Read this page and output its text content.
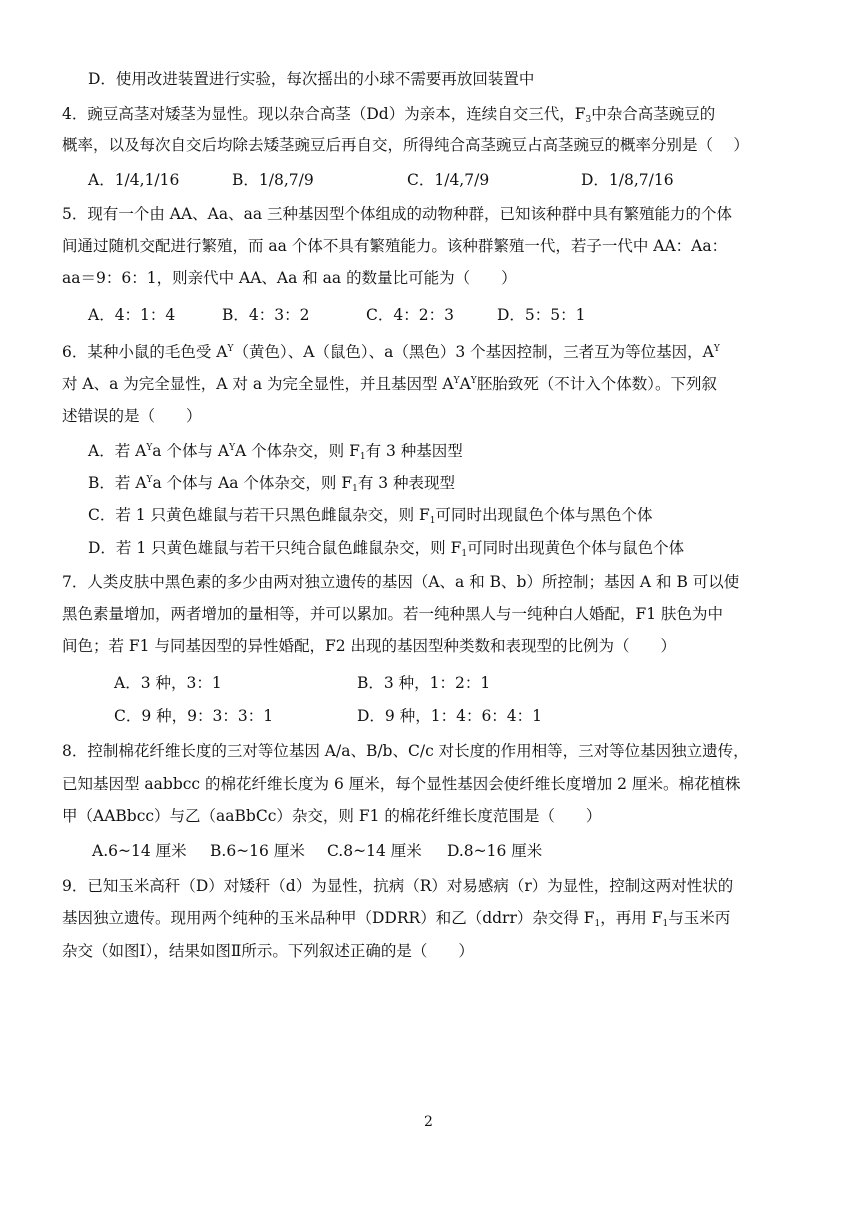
D．使用改进装置进行实验，每次摇出的小球不需要再放回装置中
4．豌豆高茎对矮茎为显性。现以杂合高茎（Dd）为亲本，连续自交三代，$F_3$中杂合高茎豌豆的
概率，以及每次自交后均除去矮茎豌豆后再自交，所得纯合高茎豌豆占高茎豌豆的概率分别是（　 ）
A．1/4,1/16	B．1/8,7/9	C．1/4,7/9	D．1/8,7/16
5．现有一个由 AA、Aa、aa 三种基因型个体组成的动物种群，已知该种群中具有繁殖能力的个体
间通过随机交配进行繁殖，而 aa 个体不具有繁殖能力。该种群繁殖一代，若子一代中 AA：Aa：
aa＝9：6：1，则亲代中 AA、Aa 和 aa 的数量比可能为（　　）
A．4：1：4	B．4：3：2	C．4：2：3	D．5：5：1
6．某种小鼠的毛色受 $A^Y$（黄色）、A（鼠色）、a（黑色）3 个基因控制，三者互为等位基因，$A^Y$
对 A、a 为完全显性，A 对 a 为完全显性，并且基因型 $A^YA^Y$胚胎致死（不计入个体数）。下列叙
述错误的是（　　）
A．若 $A^Ya$ 个体与 $A^YA$ 个体杂交，则 $F_1$有 3 种基因型
B．若 $A^Ya$ 个体与 Aa 个体杂交，则 $F_1$有 3 种表现型
C．若 1 只黄色雄鼠与若干只黑色雌鼠杂交，则 $F_1$可同时出现鼠色个体与黑色个体
D．若 1 只黄色雄鼠与若干只纯合鼠色雌鼠杂交，则 $F_1$可同时出现黄色个体与鼠色个体
7．人类皮肤中黑色素的多少由两对独立遗传的基因（A、a 和 B、b）所控制；基因 A 和 B 可以使
黑色素量增加，两者增加的量相等，并可以累加。若一纯种黑人与一纯种白人婚配，F1 肤色为中
间色；若 F1 与同基因型的异性婚配，F2 出现的基因型种类数和表现型的比例为（　　）
A．3 种，3：1	B．3 种，1：2：1
C．9 种，9：3：3：1	D．9 种，1：4：6：4：1
8．控制棉花纤维长度的三对等位基因 A/a、B/b、C/c 对长度的作用相等，三对等位基因独立遗传，
已知基因型 aabbcc 的棉花纤维长度为 6 厘米，每个显性基因会使纤维长度增加 2 厘米。棉花植株
甲（AABbcc）与乙（aaBbCc）杂交，则 F1 的棉花纤维长度范围是（　　）
A.6~14 厘米 B.6~16 厘米 C.8~14 厘米 D.8~16 厘米
9．已知玉米高秆（D）对矮秆（d）为显性，抗病（R）对易感病（r）为显性，控制这两对性状的
基因独立遗传。现用两个纯种的玉米品种甲（DDRR）和乙（ddrr）杂交得 $F_1$，再用 $F_1$与玉米丙
杂交（如图Ⅰ），结果如图Ⅱ所示。下列叙述正确的是（　　）
2
